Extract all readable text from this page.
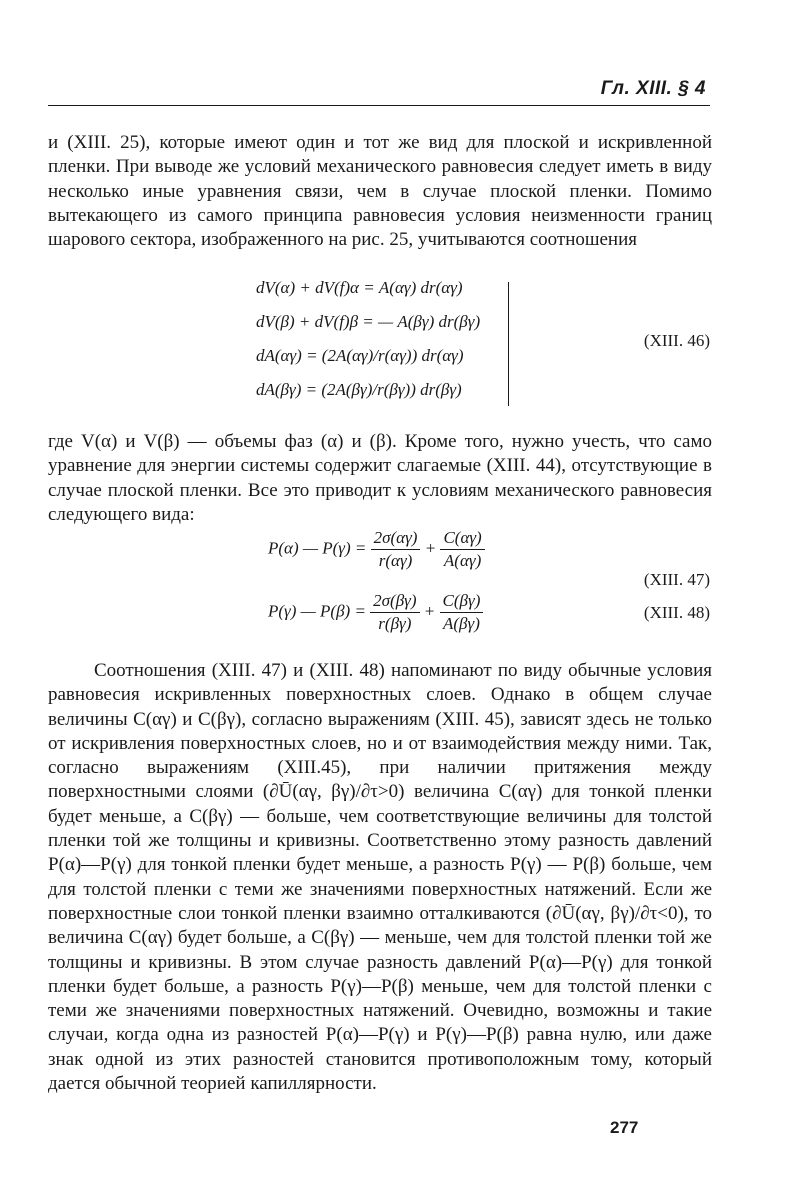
Гл. XIII. § 4

и (XIII. 25), которые имеют один и тот же вид для плоской и искривленной пленки. При выводе же условий механического равновесия следует иметь в виду несколько иные уравнения связи, чем в случае плоской пленки. Помимо вытекающего из самого принципа равновесия условия неизменности границ шарового сектора, изображенного на рис. 25, учитываются соотношения

dV(α) + dV(f)α = A(αγ) dr(αγ)
dV(β) + dV(f)β = — A(βγ) dr(βγ)
dA(αγ) = (2A(αγ)/r(αγ)) dr(αγ)
dA(βγ) = (2A(βγ)/r(βγ)) dr(βγ)
(XIII. 46)

где V(α) и V(β) — объемы фаз (α) и (β). Кроме того, нужно учесть, что само уравнение для энергии системы содержит слагаемые (XIII. 44), отсутствующие в случае плоской пленки. Все это приводит к условиям механического равновесия следующего вида:

P(α) — $P(\gamma) = \frac{2\sigma(\alpha\gamma)}{r(\alpha\gamma)} + \frac{C(\alpha\gamma)}{A(\alpha\gamma)}$
(XIII. 47)
P(γ) — $P(\beta) = \frac{2\sigma(\beta\gamma)}{r(\beta\gamma)} + \frac{C(\beta\gamma)}{A(\beta\gamma)}$	(XIII. 48)

Соотношения (XIII. 47) и (XIII. 48) напоминают по виду обычные условия равновесия искривленных поверхностных слоев. Однако в общем случае величины C(αγ) и C(βγ), согласно выражениям (XIII. 45), зависят здесь не только от искривления поверхностных слоев, но и от взаимодействия между ними. Так, согласно выражениям (XIII.45), при наличии притяжения между поверхностными слоями (∂Ū(αγ, βγ)/∂τ>0) величина C(αγ) для тонкой пленки будет меньше, а C(βγ) — больше, чем соответствующие величины для толстой пленки той же толщины и кривизны. Соответственно этому разность давлений P(α)—P(γ) для тонкой пленки будет меньше, а разность P(γ) — P(β) больше, чем для толстой пленки с теми же значениями поверхностных натяжений. Если же поверхностные слои тонкой пленки взаимно отталкиваются (∂Ū(αγ, βγ)/∂τ<0), то величина C(αγ) будет больше, а C(βγ) — меньше, чем для толстой пленки той же толщины и кривизны. В этом случае разность давлений P(α)—P(γ) для тонкой пленки будет больше, а разность P(γ)—P(β) меньше, чем для толстой пленки с теми же значениями поверхностных натяжений. Очевидно, возможны и такие случаи, когда одна из разностей P(α)—P(γ) и P(γ)—P(β) равна нулю, или даже знак одной из этих разностей становится противоположным тому, который дается обычной теорией капиллярности.

277
